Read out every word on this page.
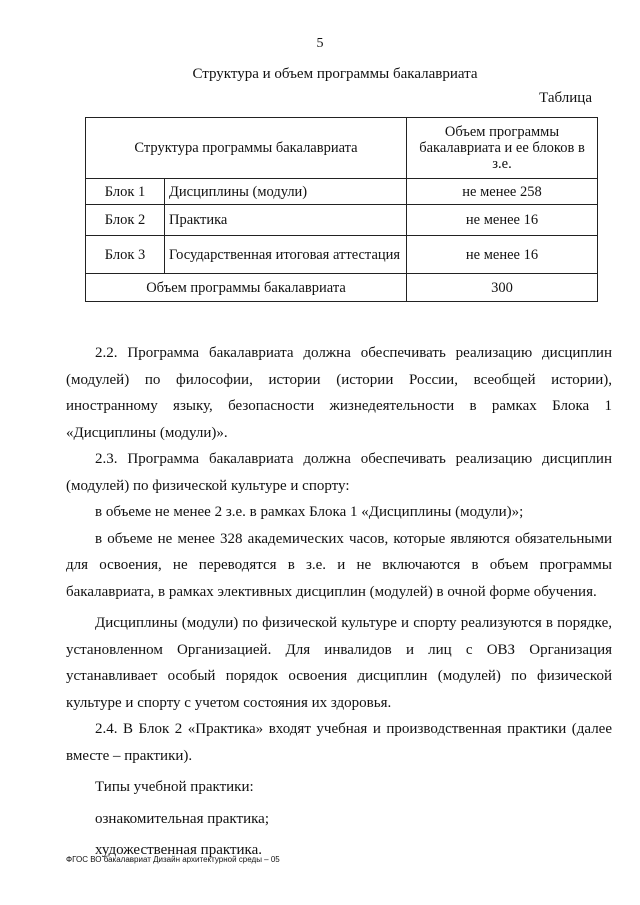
5
Структура и объем программы бакалавриата
Таблица
Структура программы бакалавриата		Объем программы бакалавриата и ее блоков в з.е.
Блок 1	Дисциплины (модули)	не менее 258
Блок 2	Практика	не менее 16
Блок 3	Государственная итоговая аттестация	не менее 16
Объем программы бакалавриата		300

2.2. Программа бакалавриата должна обеспечивать реализацию дисциплин (модулей) по философии, истории (истории России, всеобщей истории), иностранному языку, безопасности жизнедеятельности в рамках Блока 1 «Дисциплины (модули)».

2.3. Программа бакалавриата должна обеспечивать реализацию дисциплин (модулей) по физической культуре и спорту:

в объеме не менее 2 з.е. в рамках Блока 1 «Дисциплины (модули)»;

в объеме не менее 328 академических часов, которые являются обязательными для освоения, не переводятся в з.е. и не включаются в объем программы бакалавриата, в рамках элективных дисциплин (модулей) в очной форме обучения.

Дисциплины (модули) по физической культуре и спорту реализуются в порядке, установленном Организацией. Для инвалидов и лиц с ОВЗ Организация устанавливает особый порядок освоения дисциплин (модулей) по физической культуре и спорту с учетом состояния их здоровья.

2.4. В Блок 2 «Практика» входят учебная и производственная практики (далее вместе – практики).

Типы учебной практики:

ознакомительная практика;

художественная практика.

ФГОС ВО бакалавриат Дизайн архитектурной среды – 05
